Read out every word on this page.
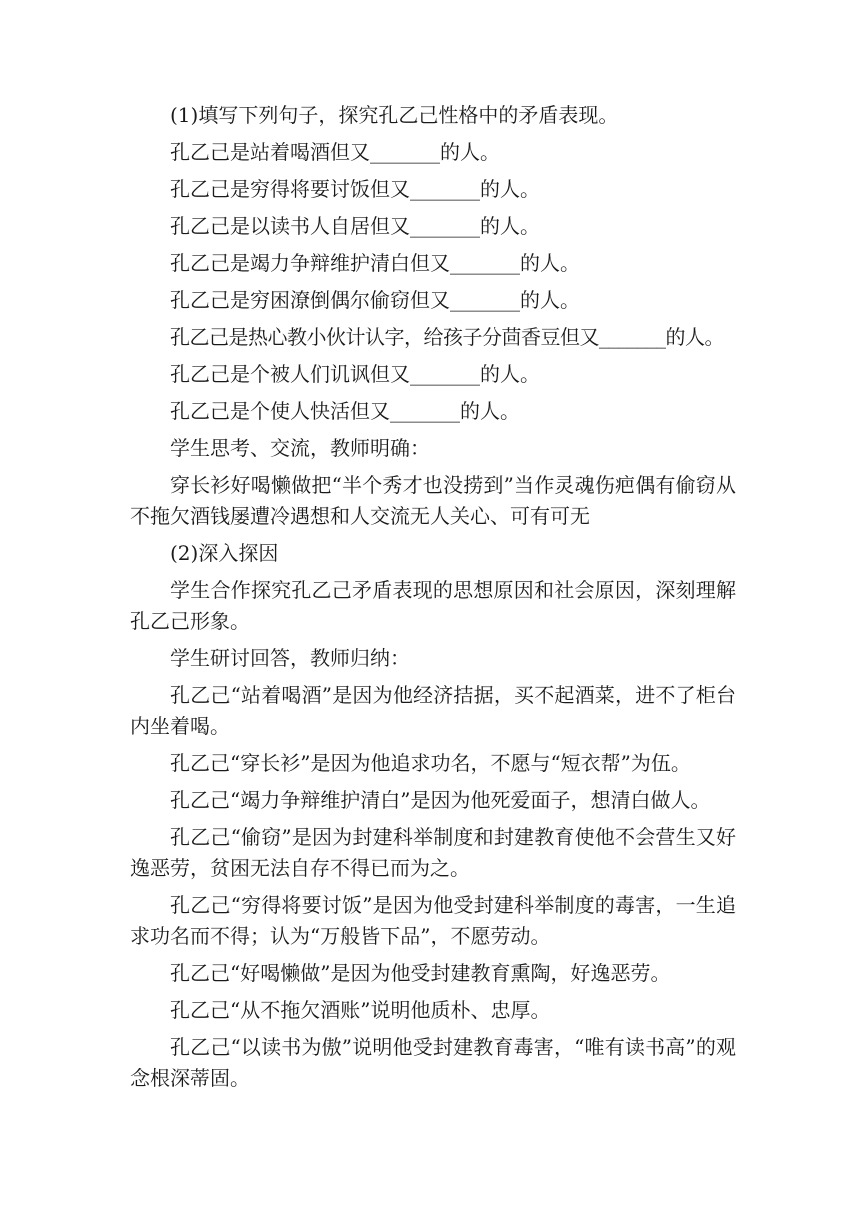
(1)填写下列句子，探究孔乙己性格中的矛盾表现。

孔乙己是站着喝酒但又_______的人。

孔乙己是穷得将要讨饭但又_______的人。

孔乙己是以读书人自居但又_______的人。

孔乙己是竭力争辩维护清白但又_______的人。

孔乙己是穷困潦倒偶尔偷窃但又_______的人。

孔乙己是热心教小伙计认字，给孩子分茴香豆但又_______的人。

孔乙己是个被人们讥讽但又_______的人。

孔乙己是个使人快活但又_______的人。

学生思考、交流，教师明确：

穿长衫好喝懒做把“半个秀才也没捞到”当作灵魂伤疤偶有偷窃从不拖欠酒钱屡遭冷遇想和人交流无人关心、可有可无

(2)深入探因

学生合作探究孔乙己矛盾表现的思想原因和社会原因，深刻理解孔乙己形象。

学生研讨回答，教师归纳：

孔乙己“站着喝酒”是因为他经济拮据，买不起酒菜，进不了柜台内坐着喝。

孔乙己“穿长衫”是因为他追求功名，不愿与“短衣帮”为伍。

孔乙己“竭力争辩维护清白”是因为他死爱面子，想清白做人。

孔乙己“偷窃”是因为封建科举制度和封建教育使他不会营生又好逸恶劳，贫困无法自存不得已而为之。

孔乙己“穷得将要讨饭”是因为他受封建科举制度的毒害，一生追求功名而不得；认为“万般皆下品”，不愿劳动。

孔乙己“好喝懒做”是因为他受封建教育熏陶，好逸恶劳。

孔乙己“从不拖欠酒账”说明他质朴、忠厚。

孔乙己“以读书为傲”说明他受封建教育毒害，“唯有读书高”的观念根深蒂固。
